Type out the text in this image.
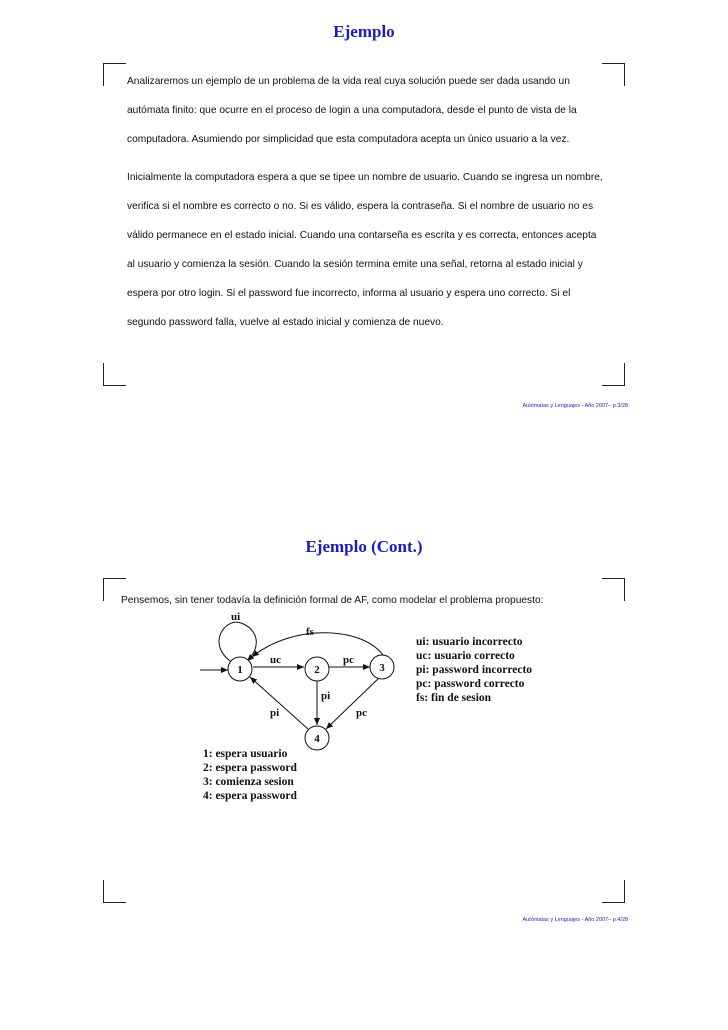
Ejemplo
Analizaremos un ejemplo de un problema de la vida real cuya solución puede ser dada usando un
autómata finito: que ocurre en el proceso de login a una computadora, desde el punto de vista de la
computadora. Asumiendo por simplicidad que esta computadora acepta un único usuario a la vez.
Inicialmente la computadora espera a que se tipee un nombre de usuario. Cuando se ingresa un nombre,
verifica si el nombre es correcto o no. Si es válido, espera la contraseña. Si el nombre de usuario no es
válido permanece en el estado inicial. Cuando una contarseña es escrita y es correcta, entonces acepta
al usuario y comienza la sesión. Cuando la sesión termina emite una señal, retorna al estado inicial y
espera por otro login. Si el password fue incorrecto, informa al usuario y espera uno correcto. Si el
segundo password falla, vuelve al estado inicial y comienza de nuevo.
Autómatas y Lenguajes - Año 2007– p.3/28
Ejemplo (Cont.)
Pensemos, sin tener todavía la definición formal de AF, como modelar el problema propuesto:
1	2	3
4
ui
fs
uc	pc
pi
pi	pc
ui: usuario incorrecto
uc: usuario correcto
pi: password incorrecto
pc: password correcto
fs: fin de sesion
1: espera usuario
2: espera password
3: comienza sesion
4: espera password
Autómatas y Lenguajes - Año 2007– p.4/28
